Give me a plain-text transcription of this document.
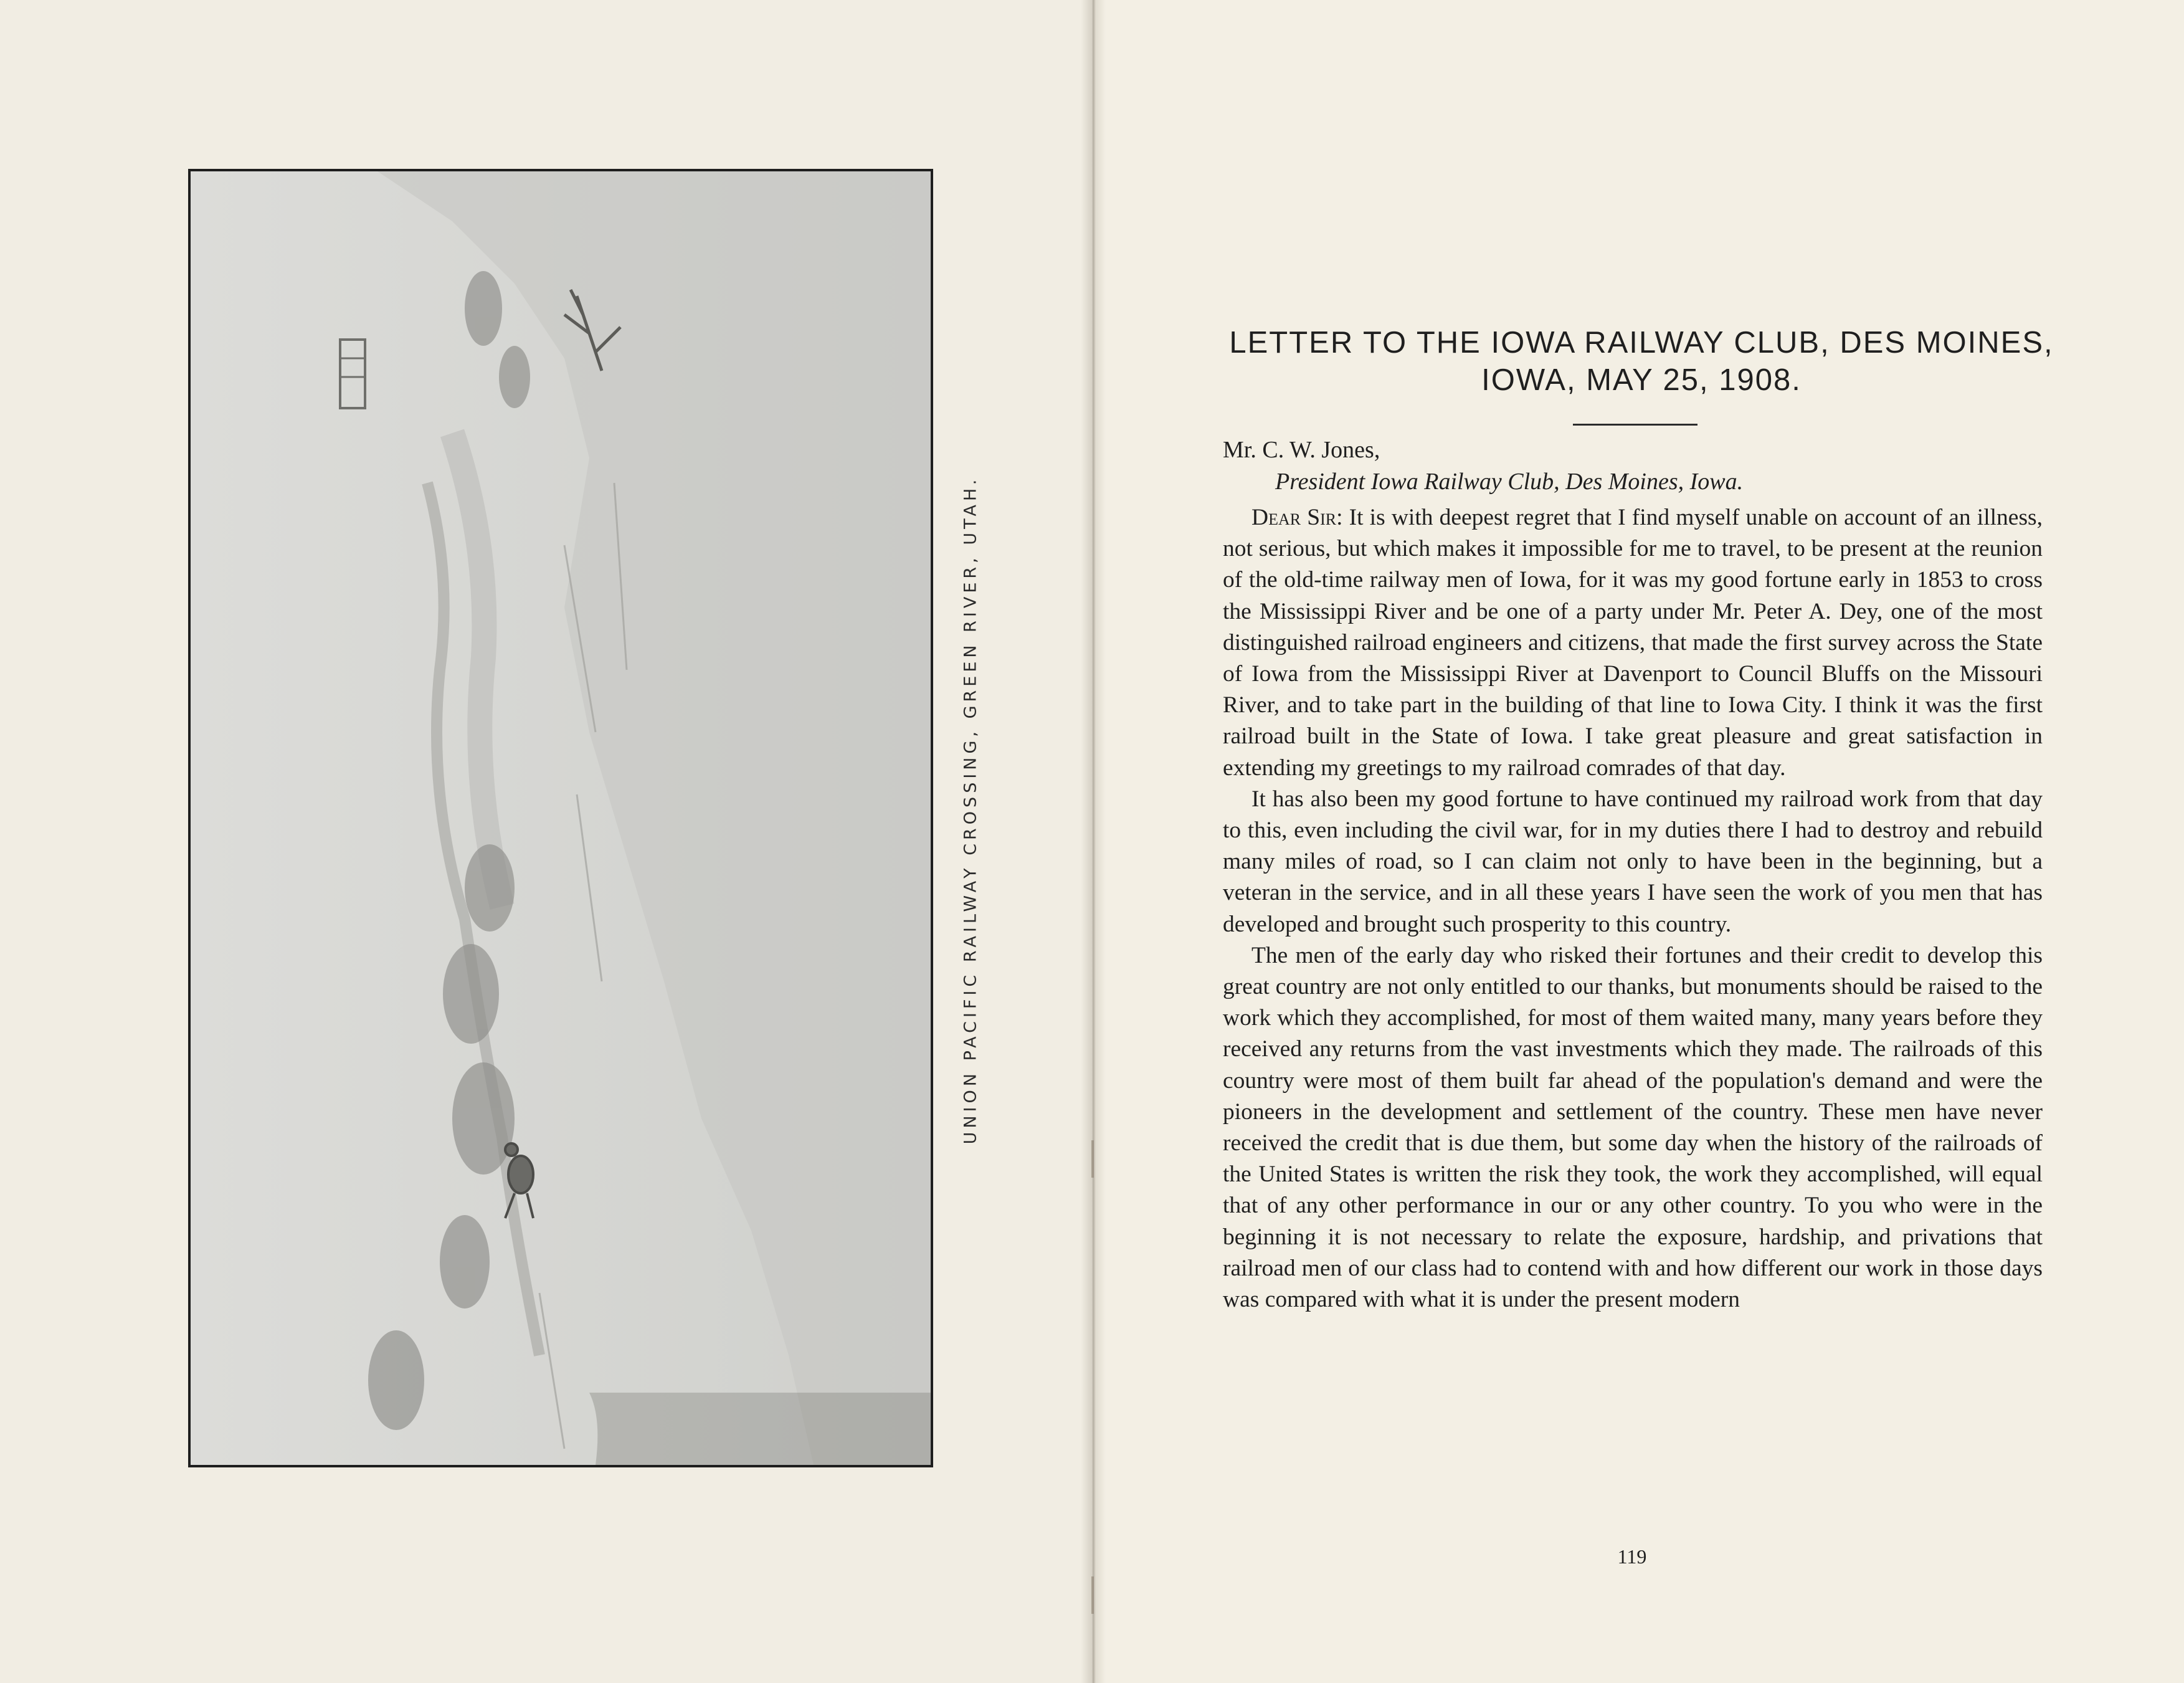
UNION PACIFIC RAILWAY CROSSING, GREEN RIVER, UTAH.
LETTER TO THE IOWA RAILWAY CLUB, DES MOINES,
IOWA, MAY 25, 1908.
Mr. C. W. Jones,
President Iowa Railway Club, Des Moines, Iowa.

Dear Sir: It is with deepest regret that I find myself unable on account of an illness, not serious, but which makes it impossible for me to travel, to be present at the reunion of the old-time railway men of Iowa, for it was my good fortune early in 1853 to cross the Mississippi River and be one of a party under Mr. Peter A. Dey, one of the most distinguished railroad engineers and citizens, that made the first survey across the State of Iowa from the Mississippi River at Davenport to Council Bluffs on the Missouri River, and to take part in the building of that line to Iowa City. I think it was the first railroad built in the State of Iowa. I take great pleasure and great satisfaction in extending my greetings to my railroad comrades of that day.

It has also been my good fortune to have continued my railroad work from that day to this, even including the civil war, for in my duties there I had to destroy and rebuild many miles of road, so I can claim not only to have been in the beginning, but a veteran in the service, and in all these years I have seen the work of you men that has developed and brought such prosperity to this country.

The men of the early day who risked their fortunes and their credit to develop this great country are not only entitled to our thanks, but monuments should be raised to the work which they accomplished, for most of them waited many, many years before they received any returns from the vast investments which they made. The railroads of this country were most of them built far ahead of the population's demand and were the pioneers in the development and settlement of the country. These men have never received the credit that is due them, but some day when the history of the railroads of the United States is written the risk they took, the work they accomplished, will equal that of any other performance in our or any other country. To you who were in the beginning it is not necessary to relate the exposure, hardship, and privations that railroad men of our class had to contend with and how different our work in those days was compared with what it is under the present modern

119
